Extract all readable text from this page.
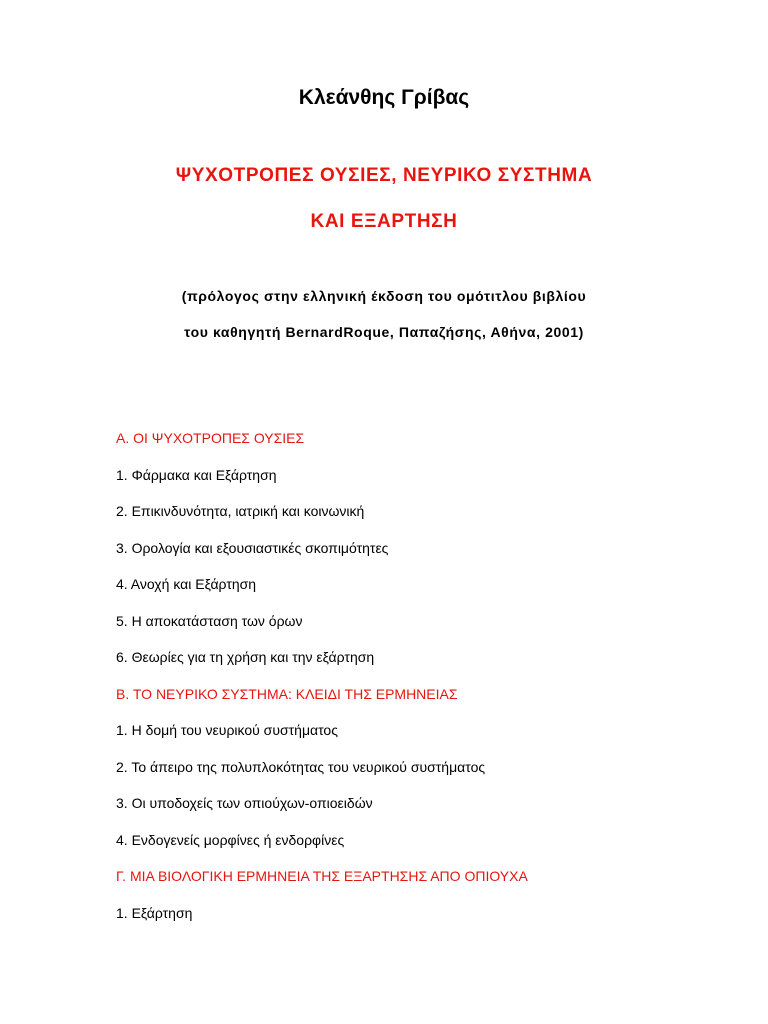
Κλεάνθης Γρίβας
ΨΥΧΟΤΡΟΠΕΣ ΟΥΣΙΕΣ, ΝΕΥΡΙΚΟ ΣΥΣΤΗΜΑ
ΚΑΙ ΕΞΑΡΤΗΣΗ
(πρόλογος στην ελληνική έκδοση του ομότιτλου βιβλίου
του καθηγητή BernardRoque, Παπαζήσης, Αθήνα, 2001)
Α. ΟΙ ΨΥΧΟΤΡΟΠΕΣ ΟΥΣΙΕΣ
1. Φάρμακα και Εξάρτηση
2. Επικινδυνότητα, ιατρική και κοινωνική
3. Ορολογία και εξουσιαστικές σκοπιμότητες
4. Ανοχή και Εξάρτηση
5. Η αποκατάσταση των όρων
6. Θεωρίες για τη χρήση και την εξάρτηση
Β. ΤΟ ΝΕΥΡΙΚΟ ΣΥΣΤΗΜΑ: ΚΛΕΙΔΙ ΤΗΣ ΕΡΜΗΝΕΙΑΣ
1. Η δομή του νευρικού συστήματος
2. Το άπειρο της πολυπλοκότητας του νευρικού συστήματος
3. Οι υποδοχείς των οπιούχων-οπιοειδών
4. Ενδογενείς μορφίνες ή ενδορφίνες
Γ. ΜΙΑ ΒΙΟΛΟΓΙΚΗ ΕΡΜΗΝΕΙΑ ΤΗΣ ΕΞΑΡΤΗΣΗΣ ΑΠΟ ΟΠΙΟΥΧΑ
1. Εξάρτηση
